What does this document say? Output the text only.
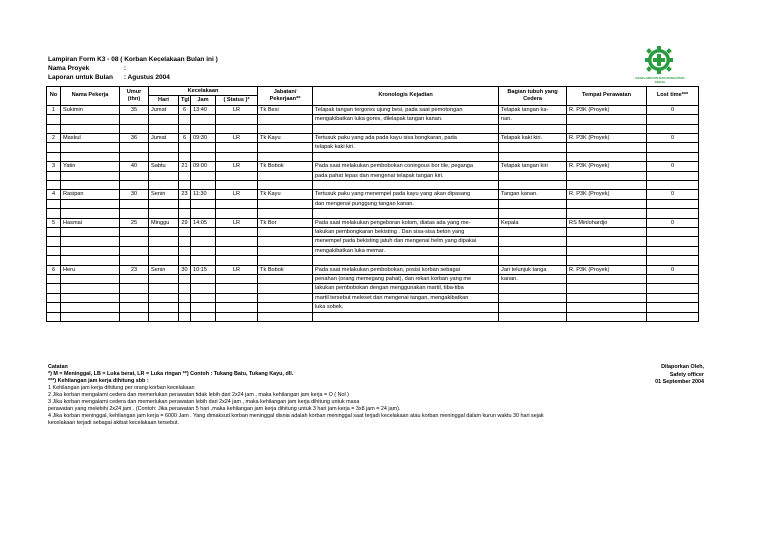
Lampiran Form K3 - 08 ( Korban Kecelakaan Bulan ini )
Nama Proyek	:
Laporan untuk Bulan : Agustus 2004	KESELAMATAN DAN KESEHATAN KERJA
No	Nama Pekerja	Umur (thn)	Kecelakaan				Jabatan/ Pekerjaan**	Kronologis Kejadian	Bagian tubuh yang Cedera	Tempat Perawatan	Lost time***
			Hari	Tgl	Jam	( Status )*					
1	Sukimin	35	Jumat	6	13:40	LR	Tk Besi	Telapak tangan tergores ujung besi, pada saat pemotongan	Telapak tangan ka-	R. P3K (Proyek)	0
								mengakibatkan luka gores, dilelapak tangan kanan.	nan.		

2	Maskul	36	Jumat	6	09:30	LR	Tk Kayu	Tertusuk paku yang ada pada kayu sisa bongkaran, pada	Telapak kaki kiri.	R. P3K (Proyek)	0
								telapak kaki kiri.			

3	Yatin	40	Sabtu	21	09:00	LR	Tk Bobok	Pada saat melakukan pembobokan coningous bor tile, peganga	Telapak tangan kiri	R. P3K (Proyek)	0
								pada pahat lepas dan mengenai telapak tangan kiri.			

4	Rasipan	30	Senin	23	11:30	LR	Tk Kayu	Tertusuk paku yang menempel pada kayu yang akan dipasang	Tangan kanan.	R. P3K (Proyek)	0
								dan mengenai punggung tangan kanan.			

5	Hasmai	25	Minggu	29	14:05	LR	Tk Bor	Pada saat melakukan pengeboran kolom, diatas ada yang me-	Kepala	RS Minlohardjo	0
								lakukan pembongkaran bekisting . Dan sisa-sisa beton yang			
								menempel pada bekisting jatuh dan mengenai helm yang dipakai			
								mengakibatkan luka memar.			

6	Heru	23	Senin	30	10:15	LR	Tk Bobok	Pada saat melakukan pembobokan, posisi korban sebagai	Jari telunjuk tanga	R. P3K (Proyek)	0
								penahan (orang memegang pahat), dan rekan korban yang me	kanan.		
								lakukan pembobokan dengan menggunakan martil, tiba-tiba			
								martil tersebut meleset dan mengenai tangan, mengakibatkan			
								luka sobek.			

Catatan
*) M = Meninggal, LB = Luka berat, LR = Luka ringan **) Contoh : Tukang Batu, Tukang Kayu, dll.
***) Kehilangan jam kerja dihitung sbb :
1 Kehilangan jam kerja dihitung per orang korban kecelakaan
2 Jika korban mengalami cedera dan memerlukan perawatan tidak lebih dari 2x24 jam , maka kehilangan jam kerja = O ( Nol )
3 Jika korban mengalami cedera dan memerlukan perawatan lebih dari 2x24 jam , maka kehilangan jam kerja dihitung untuk masa
perawatan yang melebihi 2x24 jam . (Contoh: Jika perawatan 5 hari ,maka kehilangan jam kerja dihitung untuk 3 hari jam kerja = 3x8 jam = 24 jam).
4 Jika korban meninggal, kehilangan jam kerja = 6000 Jam . Yang dimaksud korban meninggal disnia adalah korban meninggal saat terjadi kecelakaan atau korban meninggal dalam kurun waktu 30 hari sejak
kecelakaan terjadi sebagai akibat kecelakaan tersebut.
Dilaporkan Oleh,
Safety officer
01 September 2004
